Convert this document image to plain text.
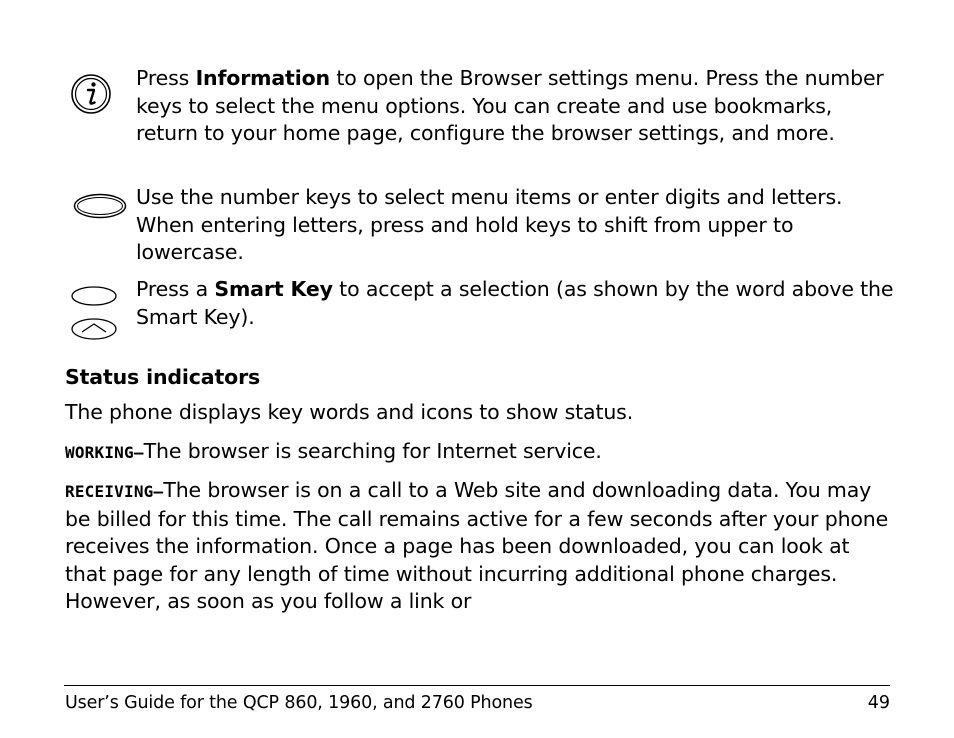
Press Information to open the Browser settings menu. Press the number keys to select the menu options. You can create and use bookmarks, return to your home page, configure the browser settings, and more.
Use the number keys to select menu items or enter digits and letters. When entering letters, press and hold keys to shift from upper to lowercase.
Press a Smart Key to accept a selection (as shown by the word above the Smart Key).
Status indicators
The phone displays key words and icons to show status.
WORKING—The browser is searching for Internet service.
RECEIVING—The browser is on a call to a Web site and downloading data. You may be billed for this time. The call remains active for a few seconds after your phone receives the information. Once a page has been downloaded, you can look at that page for any length of time without incurring additional phone charges. However, as soon as you follow a link or
User’s Guide for the QCP 860, 1960, and 2760 Phones	49
